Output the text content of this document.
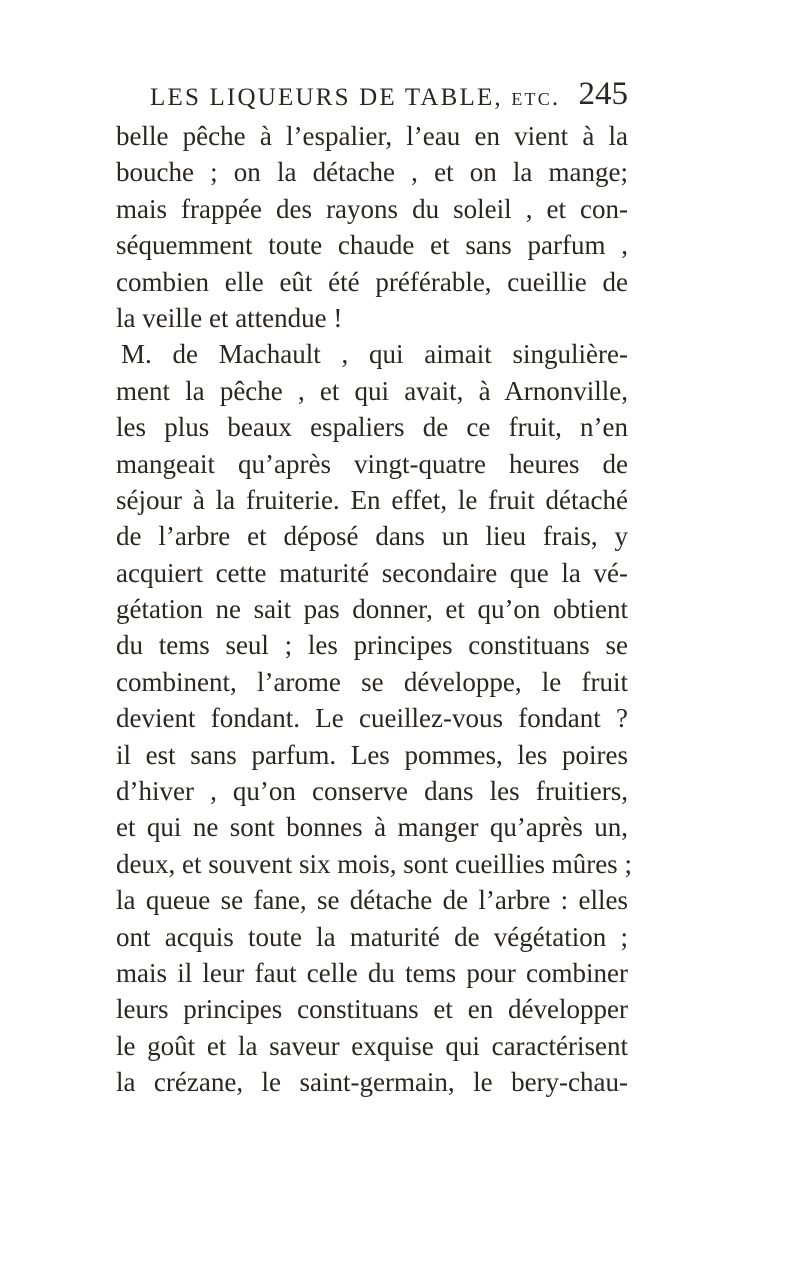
LES LIQUEURS DE TABLE, etc. 245
belle pêche à l’espalier, l’eau en vient à la
bouche ; on la détache , et on la mange;
mais frappée des rayons du soleil , et con-
séquemment toute chaude et sans parfum ,
combien elle eût été préférable, cueillie de
la veille et attendue !
M. de Machault , qui aimait singulière-
ment la pêche , et qui avait, à Arnonville,
les plus beaux espaliers de ce fruit, n’en
mangeait qu’après vingt-quatre heures de
séjour à la fruiterie. En effet, le fruit détaché
de l’arbre et déposé dans un lieu frais, y
acquiert cette maturité secondaire que la vé-
gétation ne sait pas donner, et qu’on obtient
du tems seul ; les principes constituans se
combinent, l’arome se développe, le fruit
devient fondant. Le cueillez-vous fondant ?
il est sans parfum. Les pommes, les poires
d’hiver , qu’on conserve dans les fruitiers,
et qui ne sont bonnes à manger qu’après un,
deux, et souvent six mois, sont cueillies mûres ;
la queue se fane, se détache de l’arbre : elles
ont acquis toute la maturité de végétation ;
mais il leur faut celle du tems pour combiner
leurs principes constituans et en développer
le goût et la saveur exquise qui caractérisent
la crézane, le saint-germain, le bery-chau-
